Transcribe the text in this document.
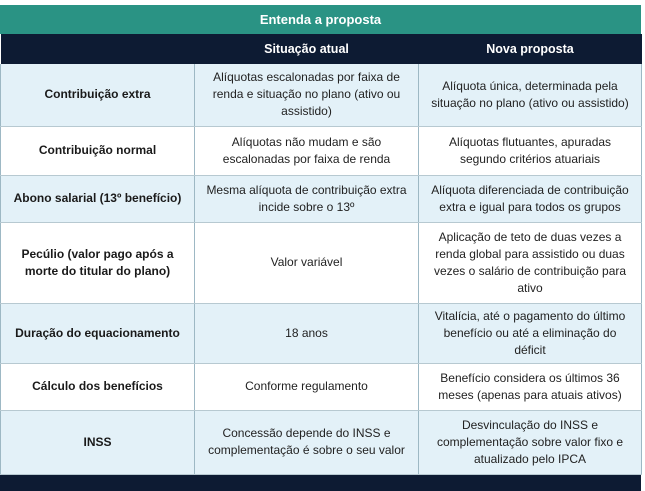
Entenda a proposta
	Situação atual	Nova proposta
Contribuição extra	Alíquotas escalonadas por faixa de renda e situação no plano (ativo ou assistido)	Alíquota única, determinada pela situação no plano (ativo ou assistido)
Contribuição normal	Alíquotas não mudam e são escalonadas por faixa de renda	Alíquotas flutuantes, apuradas segundo critérios atuariais
Abono salarial (13º benefício)	Mesma alíquota de contribuição extra incide sobre o 13º	Alíquota diferenciada de contribuição extra e igual para todos os grupos
Pecúlio (valor pago após a morte do titular do plano)	Valor variável	Aplicação de teto de duas vezes a renda global para assistido ou duas vezes o salário de contribuição para ativo
Duração do equacionamento	18 anos	Vitalícia, até o pagamento do último benefício ou até a eliminação do déficit
Cálculo dos benefícios	Conforme regulamento	Benefício considera os últimos 36 meses (apenas para atuais ativos)
INSS	Concessão depende do INSS e complementação é sobre o seu valor	Desvinculação do INSS e complementação sobre valor fixo e atualizado pelo IPCA
